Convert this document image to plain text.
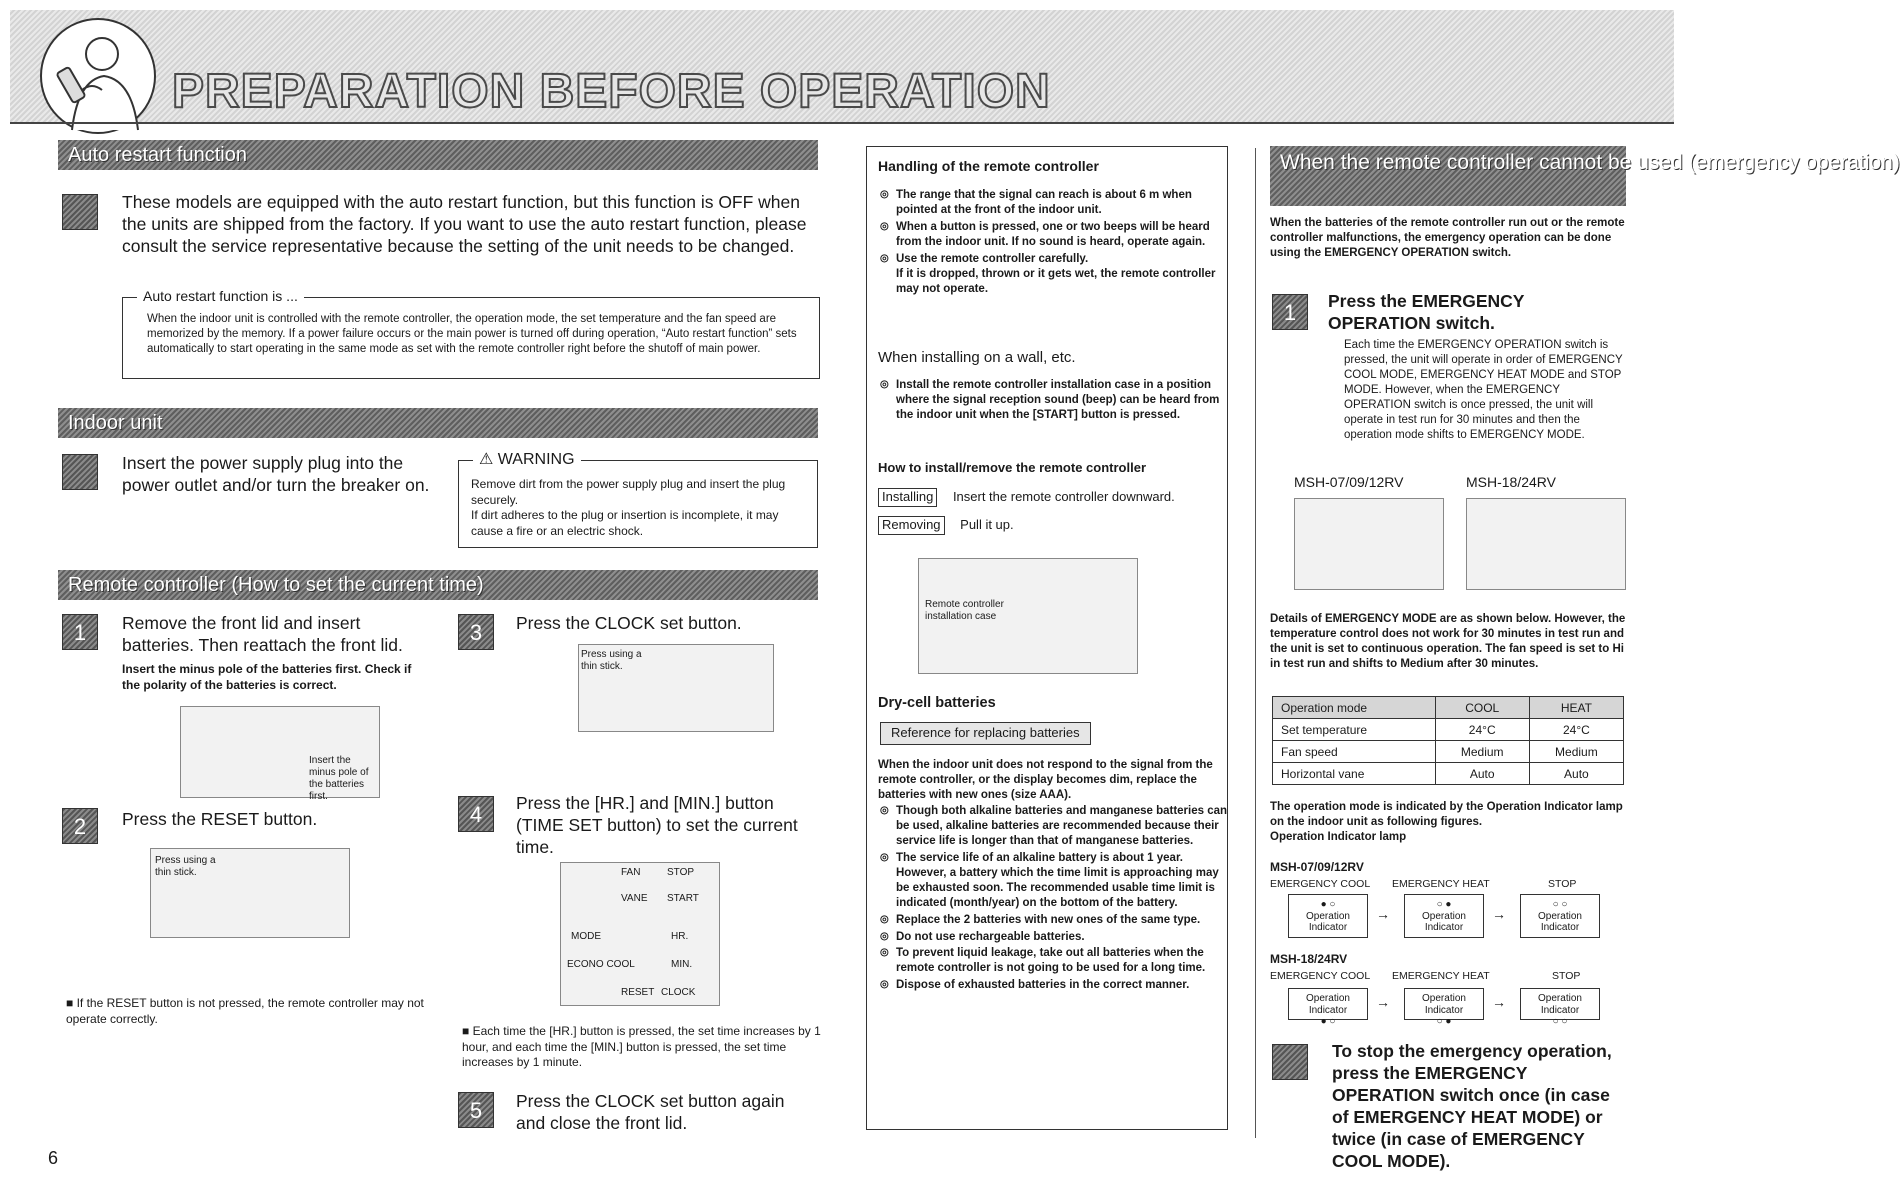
PREPARATION BEFORE OPERATION
Auto restart function
These models are equipped with the auto restart function, but this function is OFF when the units are shipped from the factory. If you want to use the auto restart function, please consult the service representative because the setting of the unit needs to be changed.
Auto restart function is ...
When the indoor unit is controlled with the remote controller, the operation mode, the set temperature and the fan speed are memorized by the memory. If a power failure occurs or the main power is turned off during operation, “Auto restart function” sets automatically to start operating in the same mode as set with the remote controller right before the shutoff of main power.
Indoor unit
Insert the power supply plug into the power outlet and/or turn the breaker on.
⚠ WARNING
Remove dirt from the power supply plug and insert the plug securely.
If dirt adheres to the plug or insertion is incomplete, it may cause a fire or an electric shock.
Remote controller (How to set the current time)
1	Remove the front lid and insert batteries. Then reattach the front lid.
Insert the minus pole of the batteries first. Check if the polarity of the batteries is correct.
Insert the minus pole of the batteries first.
2	Press the RESET button.
Press using a thin stick.
■ If the RESET button is not pressed, the remote controller may not operate correctly.
3	Press the CLOCK set button.
Press using a thin stick.
4	Press the [HR.] and [MIN.] button (TIME SET button) to set the current time.
FAN	STOP
VANE START
MODE	HR.
ECONO COOL	MIN.
RESET CLOCK
■ Each time the [HR.] button is pressed, the set time increases by 1 hour, and each time the [MIN.] button is pressed, the set time increases by 1 minute.
5	Press the CLOCK set button again and close the front lid.
Handling of the remote controller
◎ The range that the signal can reach is about 6 m when pointed at the front of the indoor unit.
◎ When a button is pressed, one or two beeps will be heard from the indoor unit. If no sound is heard, operate again.
◎ Use the remote controller carefully.
If it is dropped, thrown or it gets wet, the remote controller may not operate.
When installing on a wall, etc.
◎ Install the remote controller installation case in a position where the signal reception sound (beep) can be heard from the indoor unit when the [START] button is pressed.
How to install/remove the remote controller
Installing Insert the remote controller downward.
Removing Pull it up.
Remote controller installation case
Dry-cell batteries
Reference for replacing batteries
When the indoor unit does not respond to the signal from the remote controller, or the display becomes dim, replace the batteries with new ones (size AAA).
◎ Though both alkaline batteries and manganese batteries can be used, alkaline batteries are recommended because their service life is longer than that of manganese batteries.
◎ The service life of an alkaline battery is about 1 year. However, a battery which the time limit is approaching may be exhausted soon. The recommended usable time limit is indicated (month/year) on the bottom of the battery.
◎ Replace the 2 batteries with new ones of the same type.
◎ Do not use rechargeable batteries.
◎ To prevent liquid leakage, take out all batteries when the remote controller is not going to be used for a long time.
◎ Dispose of exhausted batteries in the correct manner.
When the remote controller cannot be used (emergency operation)
When the batteries of the remote controller run out or the remote controller malfunctions, the emergency operation can be done using the EMERGENCY OPERATION switch.
1	Press the EMERGENCY OPERATION switch.
Each time the EMERGENCY OPERATION switch is pressed, the unit will operate in order of EMERGENCY COOL MODE, EMERGENCY HEAT MODE and STOP MODE. However, when the EMERGENCY OPERATION switch is once pressed, the unit will operate in test run for 30 minutes and then the operation mode shifts to EMERGENCY MODE.
MSH-07/09/12RV	MSH-18/24RV
Details of EMERGENCY MODE are as shown below. However, the temperature control does not work for 30 minutes in test run and the unit is set to continuous operation. The fan speed is set to Hi in test run and shifts to Medium after 30 minutes.
Operation mode	COOL	HEAT
Set temperature	24°C	24°C
Fan speed	Medium	Medium
Horizontal vane	Auto	Auto
The operation mode is indicated by the Operation Indicator lamp on the indoor unit as following figures.
Operation Indicator lamp
MSH-07/09/12RV
EMERGENCY COOL EMERGENCY HEAT	STOP
● ○
Operation Indicator
→
○ ●
Operation Indicator
→
○ ○
Operation Indicator
MSH-18/24RV
EMERGENCY COOL EMERGENCY HEAT	STOP
Operation Indicator
● ○
→	Operation Indicator
○ ●
→	Operation Indicator
○ ○
To stop the emergency operation, press the EMERGENCY OPERATION switch once (in case of EMERGENCY HEAT MODE) or twice (in case of EMERGENCY COOL MODE).
6
